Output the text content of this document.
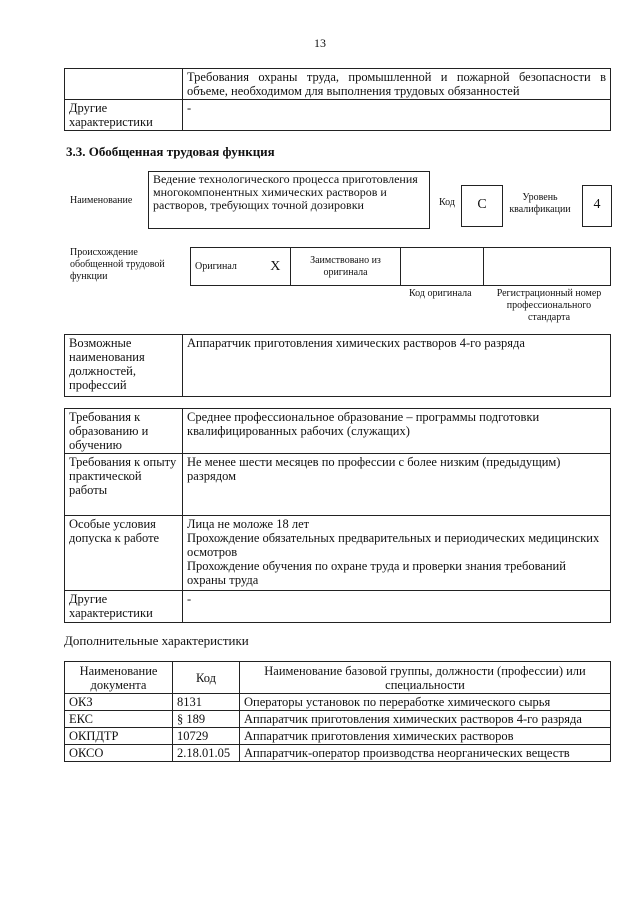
13
	Требования охраны труда, промышленной и пожарной безопасности в объеме, необходимом для выполнения трудовых обязанностей
Другие характеристики	-
3.3. Обобщенная трудовая функция
Наименование
Ведение технологического процесса приготовления многокомпонентных химических растворов и растворов, требующих точной дозировки	Код	C	Уровень квалификации	4
Происхождение обобщенной трудовой функции
Оригинал	X	Заимствовано из оригинала		
Код оригинала	Регистрационный номер профессионального стандарта
Возможные наименования должностей, профессий	Аппаратчик приготовления химических растворов 4-го разряда
Требования к образованию и обучению	Среднее профессиональное образование – программы подготовки квалифицированных рабочих (служащих)
Требования к опыту практической работы	Не менее шести месяцев по профессии с более низким (предыдущим) разрядом
Особые условия допуска к работе	Лица не моложе 18 лет
Прохождение обязательных предварительных и периодических медицинских осмотров
Прохождение обучения по охране труда и проверки знания требований охраны труда

Другие характеристики	-
Дополнительные характеристики
Наименование документа	Код	Наименование базовой группы, должности (профессии) или специальности
ОКЗ	8131	Операторы установок по переработке химического сырья
ЕКС	§ 189	Аппаратчик приготовления химических растворов 4-го разряда
ОКПДТР	10729	Аппаратчик приготовления химических растворов
ОКСО	2.18.01.05	Аппаратчик-оператор производства неорганических веществ
